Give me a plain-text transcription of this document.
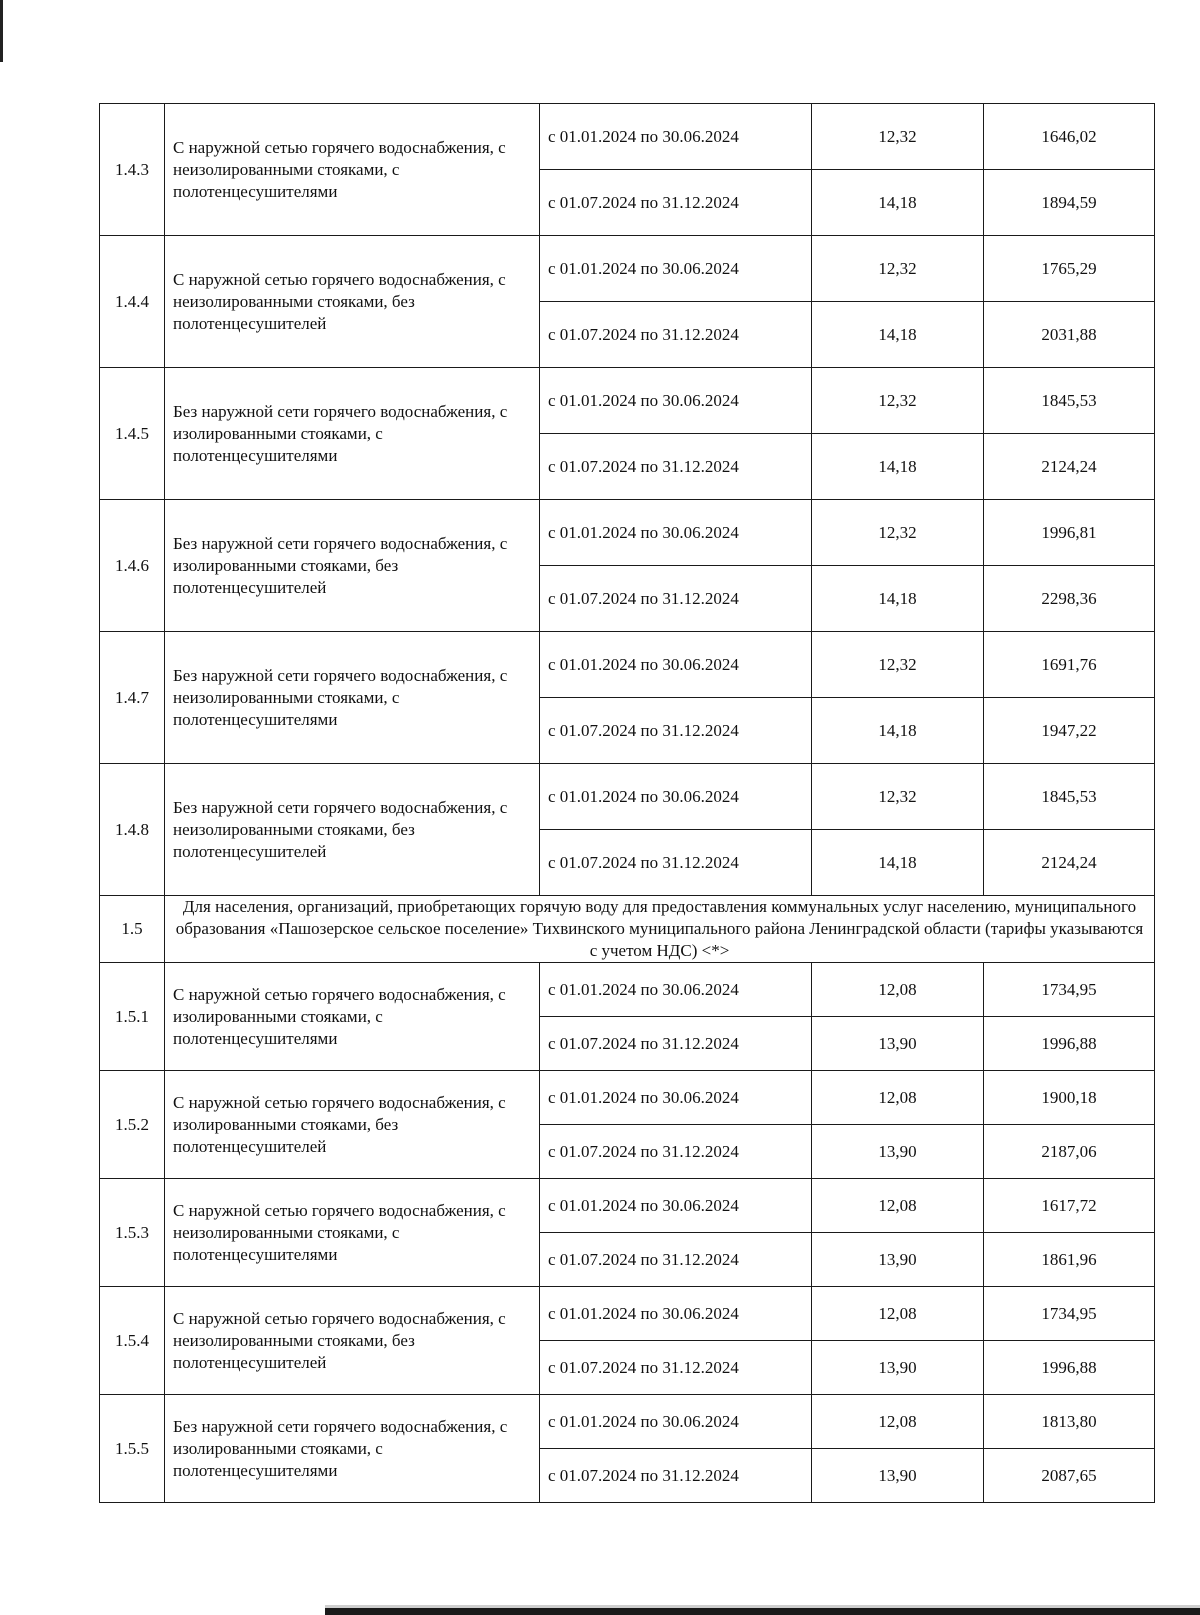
1.4.3	С наружной сетью горячего водоснабжения, с неизолированными стояками, с полотенцесушителями	с 01.01.2024 по 30.06.2024	12,32	1646,02
		с 01.07.2024 по 31.12.2024	14,18	1894,59
1.4.4	С наружной сетью горячего водоснабжения, с неизолированными стояками, без полотенцесушителей	с 01.01.2024 по 30.06.2024	12,32	1765,29
		с 01.07.2024 по 31.12.2024	14,18	2031,88
1.4.5	Без наружной сети горячего водоснабжения, с изолированными стояками, с полотенцесушителями	с 01.01.2024 по 30.06.2024	12,32	1845,53
		с 01.07.2024 по 31.12.2024	14,18	2124,24
1.4.6	Без наружной сети горячего водоснабжения, с изолированными стояками, без полотенцесушителей	с 01.01.2024 по 30.06.2024	12,32	1996,81
		с 01.07.2024 по 31.12.2024	14,18	2298,36
1.4.7	Без наружной сети горячего водоснабжения, с неизолированными стояками, с полотенцесушителями	с 01.01.2024 по 30.06.2024	12,32	1691,76
		с 01.07.2024 по 31.12.2024	14,18	1947,22
1.4.8	Без наружной сети горячего водоснабжения, с неизолированными стояками, без полотенцесушителей	с 01.01.2024 по 30.06.2024	12,32	1845,53
		с 01.07.2024 по 31.12.2024	14,18	2124,24
1.5	Для населения, организаций, приобретающих горячую воду для предоставления коммунальных услуг населению, муниципального образования «Пашозерское сельское поселение» Тихвинского муниципального района Ленинградской области (тарифы указываются с учетом НДС) <*>			
1.5.1	С наружной сетью горячего водоснабжения, с изолированными стояками, с полотенцесушителями	с 01.01.2024 по 30.06.2024	12,08	1734,95
		с 01.07.2024 по 31.12.2024	13,90	1996,88
1.5.2	С наружной сетью горячего водоснабжения, с изолированными стояками, без полотенцесушителей	с 01.01.2024 по 30.06.2024	12,08	1900,18
		с 01.07.2024 по 31.12.2024	13,90	2187,06
1.5.3	С наружной сетью горячего водоснабжения, с неизолированными стояками, с полотенцесушителями	с 01.01.2024 по 30.06.2024	12,08	1617,72
		с 01.07.2024 по 31.12.2024	13,90	1861,96
1.5.4	С наружной сетью горячего водоснабжения, с неизолированными стояками, без полотенцесушителей	с 01.01.2024 по 30.06.2024	12,08	1734,95
		с 01.07.2024 по 31.12.2024	13,90	1996,88
1.5.5	Без наружной сети горячего водоснабжения, с изолированными стояками, с полотенцесушителями	с 01.01.2024 по 30.06.2024	12,08	1813,80
		с 01.07.2024 по 31.12.2024	13,90	2087,65
